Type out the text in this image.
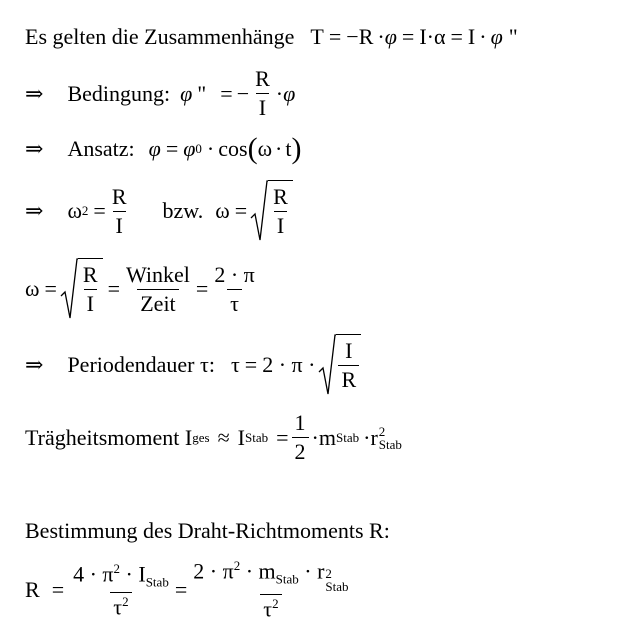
Es gelten die Zusammenhänge T = −R · φ = I · α = I · φ "
⇒ Bedingung: φ " = − $\frac{R}{I} \cdot \varphi$
⇒ Ansatz: φ = φ 0 · cos ( ω · t )
⇒ ω $2 = \frac{R}{I}$ bzw. $\omega = \frac{R}{I}$
$\omega = \frac{R}{I} = \frac{\text{Winkel}}{\text{Zeit}} = \frac{2 \cdot \pi}{\tau}$
⇒ Periodendauer τ: $\tau = 2 \cdot \pi \cdot \frac{I}{R}$
Trägheitsmoment I ges ≈ I Stab = $\frac{1}{2} \cdot m$ Stab · r 2
Stab
Bestimmung des Draht-Richtmoments R:
$R = \frac{4 \cdot \pi^2 \cdot I_{Stab}}{\tau^2} = 2 \cdot \pi^2 \cdot m_{Stab} \cdot r$ 2
Stab
$\tau^2$
